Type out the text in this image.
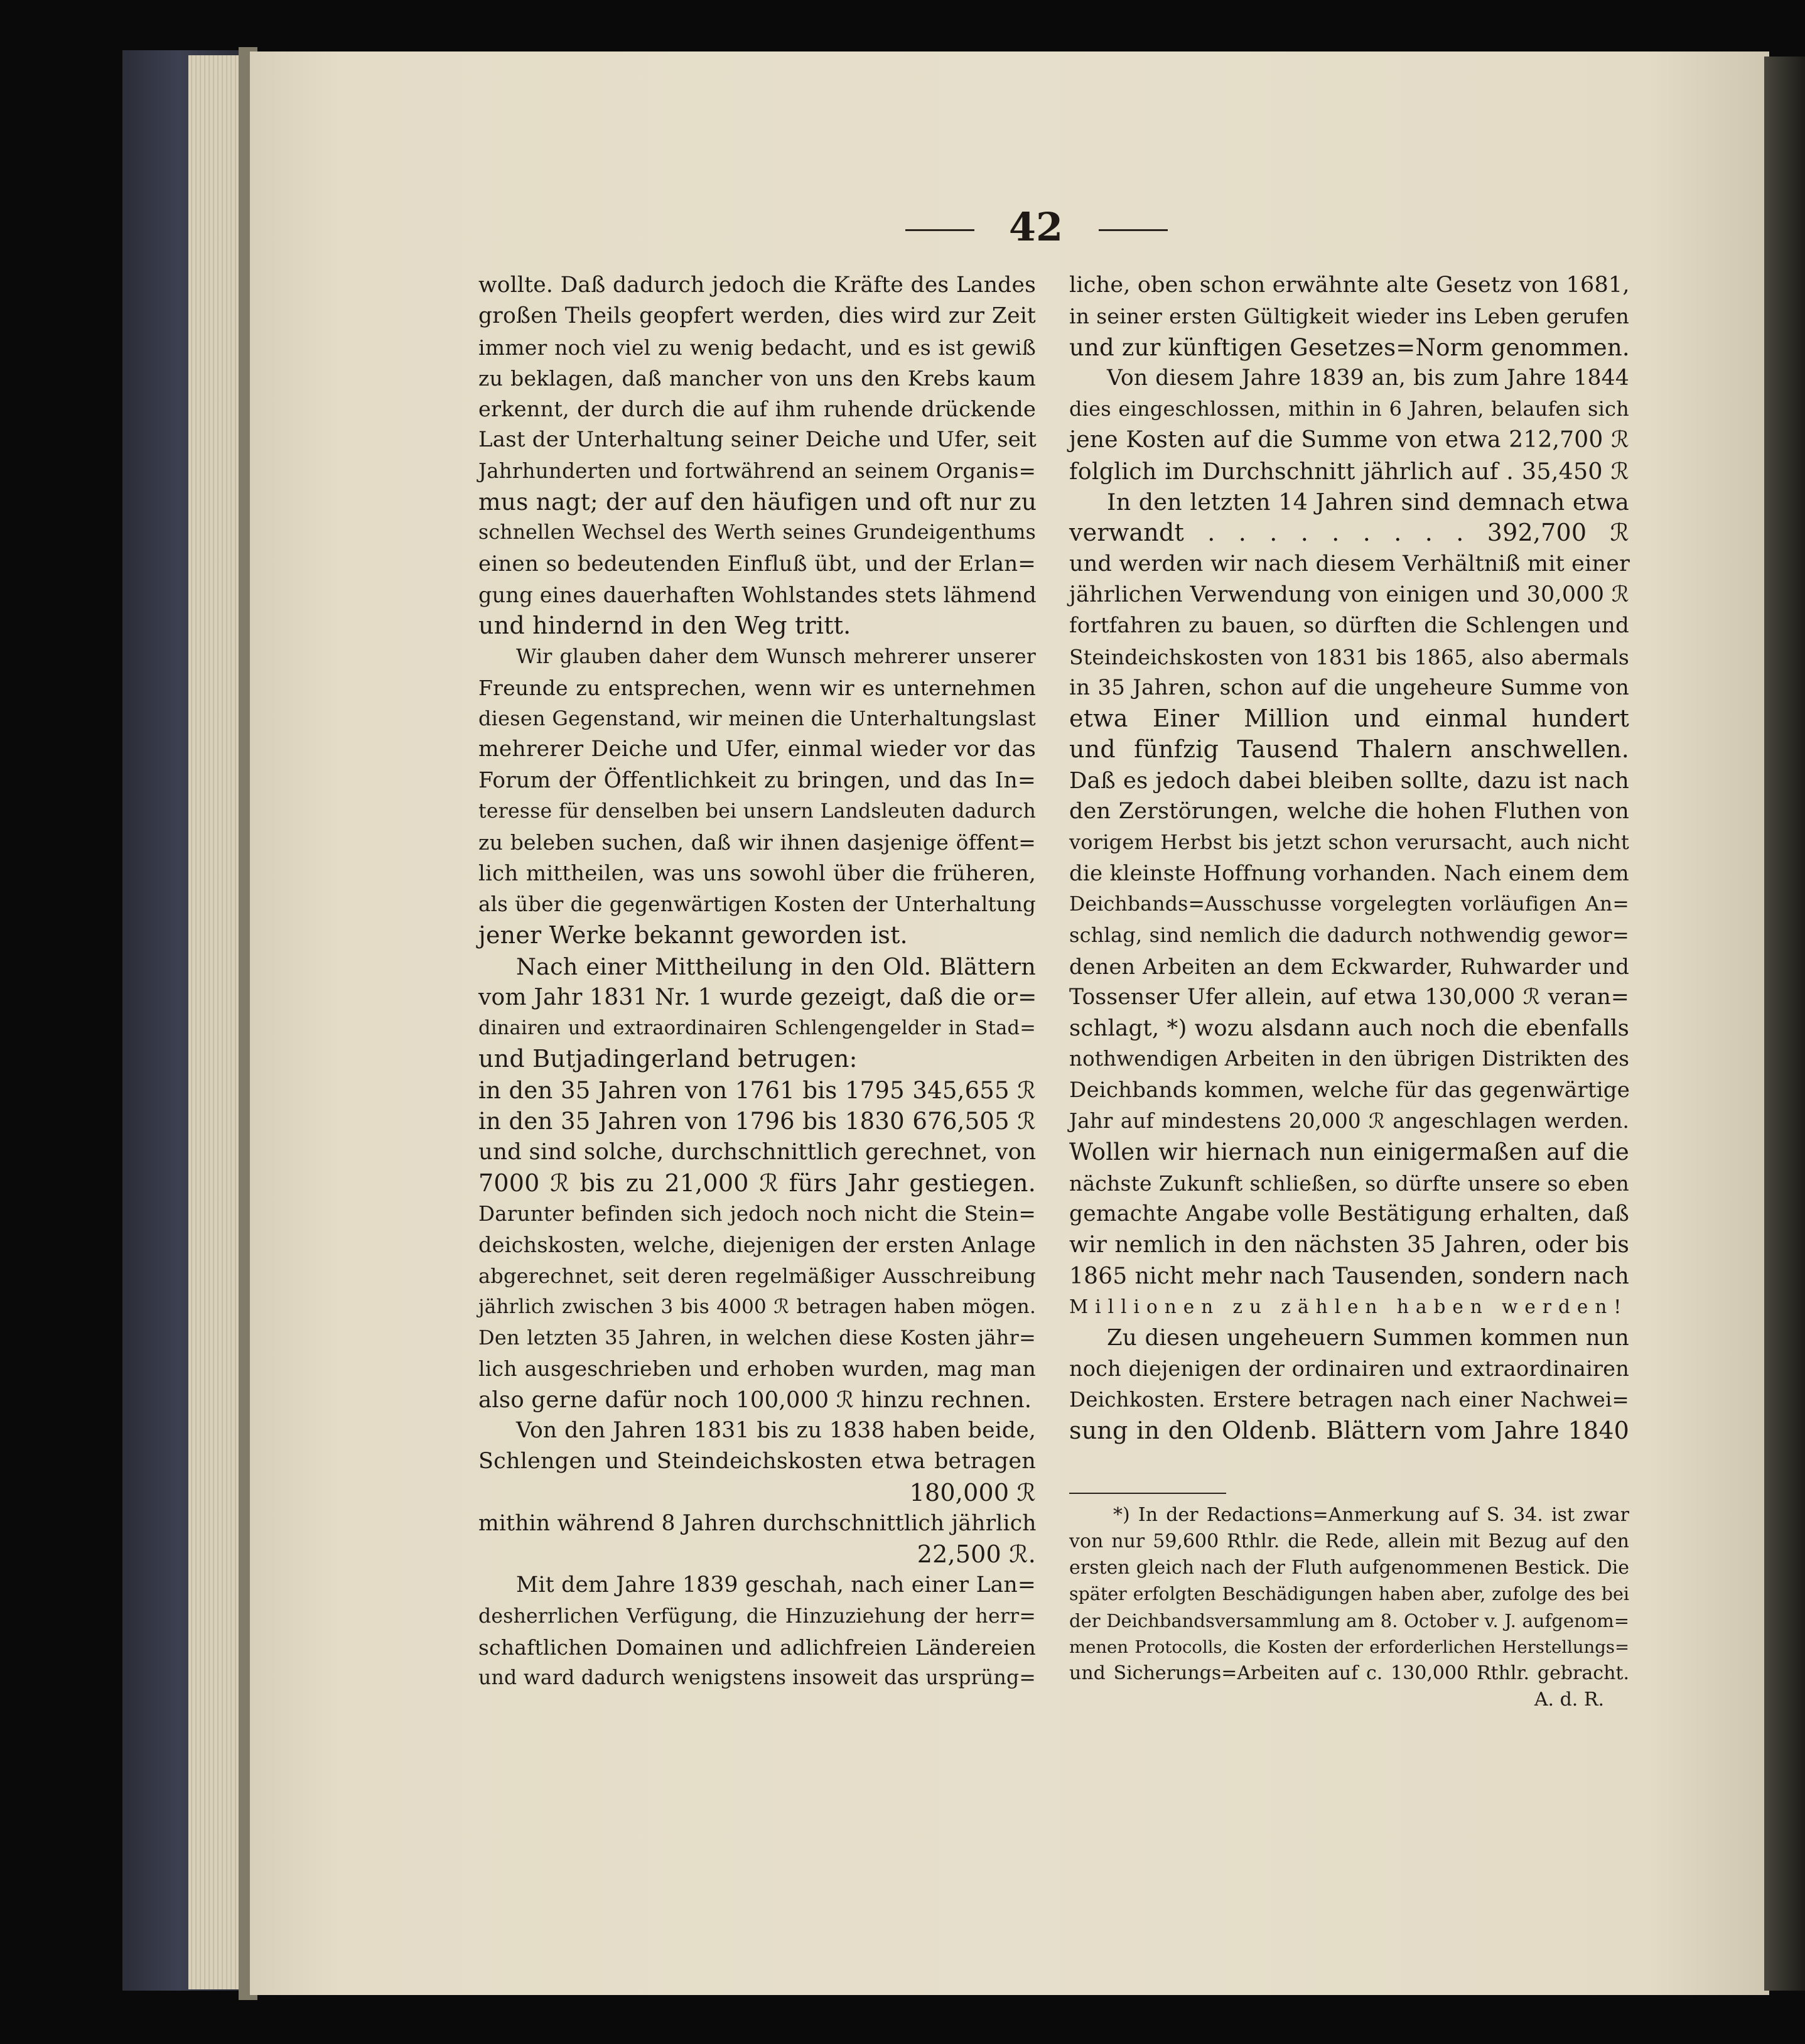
42
wollte. Daß dadurch jedoch die Kräfte des Landes
großen Theils geopfert werden, dies wird zur Zeit
immer noch viel zu wenig bedacht, und es ist gewiß
zu beklagen, daß mancher von uns den Krebs kaum
erkennt, der durch die auf ihm ruhende drückende
Last der Unterhaltung seiner Deiche und Ufer, seit
Jahrhunderten und fortwährend an seinem Organis=
mus nagt; der auf den häufigen und oft nur zu
schnellen Wechsel des Werth seines Grundeigenthums
einen so bedeutenden Einfluß übt, und der Erlan=
gung eines dauerhaften Wohlstandes stets lähmend
und hindernd in den Weg tritt.
Wir glauben daher dem Wunsch mehrerer unserer
Freunde zu entsprechen, wenn wir es unternehmen
diesen Gegenstand, wir meinen die Unterhaltungslast
mehrerer Deiche und Ufer, einmal wieder vor das
Forum der Öffentlichkeit zu bringen, und das In=
teresse für denselben bei unsern Landsleuten dadurch
zu beleben suchen, daß wir ihnen dasjenige öffent=
lich mittheilen, was uns sowohl über die früheren,
als über die gegenwärtigen Kosten der Unterhaltung
jener Werke bekannt geworden ist.
Nach einer Mittheilung in den Old. Blättern
vom Jahr 1831 Nr. 1 wurde gezeigt, daß die or=
dinairen und extraordinairen Schlengengelder in Stad=
und Butjadingerland betrugen:
in den 35 Jahren von 1761 bis 1795 345,655 ℛ
in den 35 Jahren von 1796 bis 1830 676,505 ℛ
und sind solche, durchschnittlich gerechnet, von
7000 ℛ bis zu 21,000 ℛ fürs Jahr gestiegen.
Darunter befinden sich jedoch noch nicht die Stein=
deichskosten, welche, diejenigen der ersten Anlage
abgerechnet, seit deren regelmäßiger Ausschreibung
jährlich zwischen 3 bis 4000 ℛ betragen haben mögen.
Den letzten 35 Jahren, in welchen diese Kosten jähr=
lich ausgeschrieben und erhoben wurden, mag man
also gerne dafür noch 100,000 ℛ hinzu rechnen.
Von den Jahren 1831 bis zu 1838 haben beide,
Schlengen und Steindeichskosten etwa betragen
180,000 ℛ
mithin während 8 Jahren durchschnittlich jährlich
22,500 ℛ.
Mit dem Jahre 1839 geschah, nach einer Lan=
desherrlichen Verfügung, die Hinzuziehung der herr=
schaftlichen Domainen und adlichfreien Ländereien
und ward dadurch wenigstens insoweit das ursprüng=
liche, oben schon erwähnte alte Gesetz von 1681,
in seiner ersten Gültigkeit wieder ins Leben gerufen
und zur künftigen Gesetzes=Norm genommen.
Von diesem Jahre 1839 an, bis zum Jahre 1844
dies eingeschlossen, mithin in 6 Jahren, belaufen sich
jene Kosten auf die Summe von etwa 212,700 ℛ
folglich im Durchschnitt jährlich auf . 35,450 ℛ
In den letzten 14 Jahren sind demnach etwa
verwandt . . . . . . . . . 392,700 ℛ
und werden wir nach diesem Verhältniß mit einer
jährlichen Verwendung von einigen und 30,000 ℛ
fortfahren zu bauen, so dürften die Schlengen und
Steindeichskosten von 1831 bis 1865, also abermals
in 35 Jahren, schon auf die ungeheure Summe von
etwa Einer Million und einmal hundert
und fünfzig Tausend Thalern anschwellen.
Daß es jedoch dabei bleiben sollte, dazu ist nach
den Zerstörungen, welche die hohen Fluthen von
vorigem Herbst bis jetzt schon verursacht, auch nicht
die kleinste Hoffnung vorhanden. Nach einem dem
Deichbands=Ausschusse vorgelegten vorläufigen An=
schlag, sind nemlich die dadurch nothwendig gewor=
denen Arbeiten an dem Eckwarder, Ruhwarder und
Tossenser Ufer allein, auf etwa 130,000 ℛ veran=
schlagt, *) wozu alsdann auch noch die ebenfalls
nothwendigen Arbeiten in den übrigen Distrikten des
Deichbands kommen, welche für das gegenwärtige
Jahr auf mindestens 20,000 ℛ angeschlagen werden.
Wollen wir hiernach nun einigermaßen auf die
nächste Zukunft schließen, so dürfte unsere so eben
gemachte Angabe volle Bestätigung erhalten, daß
wir nemlich in den nächsten 35 Jahren, oder bis
1865 nicht mehr nach Tausenden, sondern nach
Millionen zu zählen haben werden!
Zu diesen ungeheuern Summen kommen nun
noch diejenigen der ordinairen und extraordinairen
Deichkosten. Erstere betragen nach einer Nachwei=
sung in den Oldenb. Blättern vom Jahre 1840
*) In der Redactions=Anmerkung auf S. 34. ist zwar
von nur 59,600 Rthlr. die Rede, allein mit Bezug auf den
ersten gleich nach der Fluth aufgenommenen Bestick. Die
später erfolgten Beschädigungen haben aber, zufolge des bei
der Deichbandsversammlung am 8. October v. J. aufgenom=
menen Protocolls, die Kosten der erforderlichen Herstellungs=
und Sicherungs=Arbeiten auf c. 130,000 Rthlr. gebracht.
A. d. R.
